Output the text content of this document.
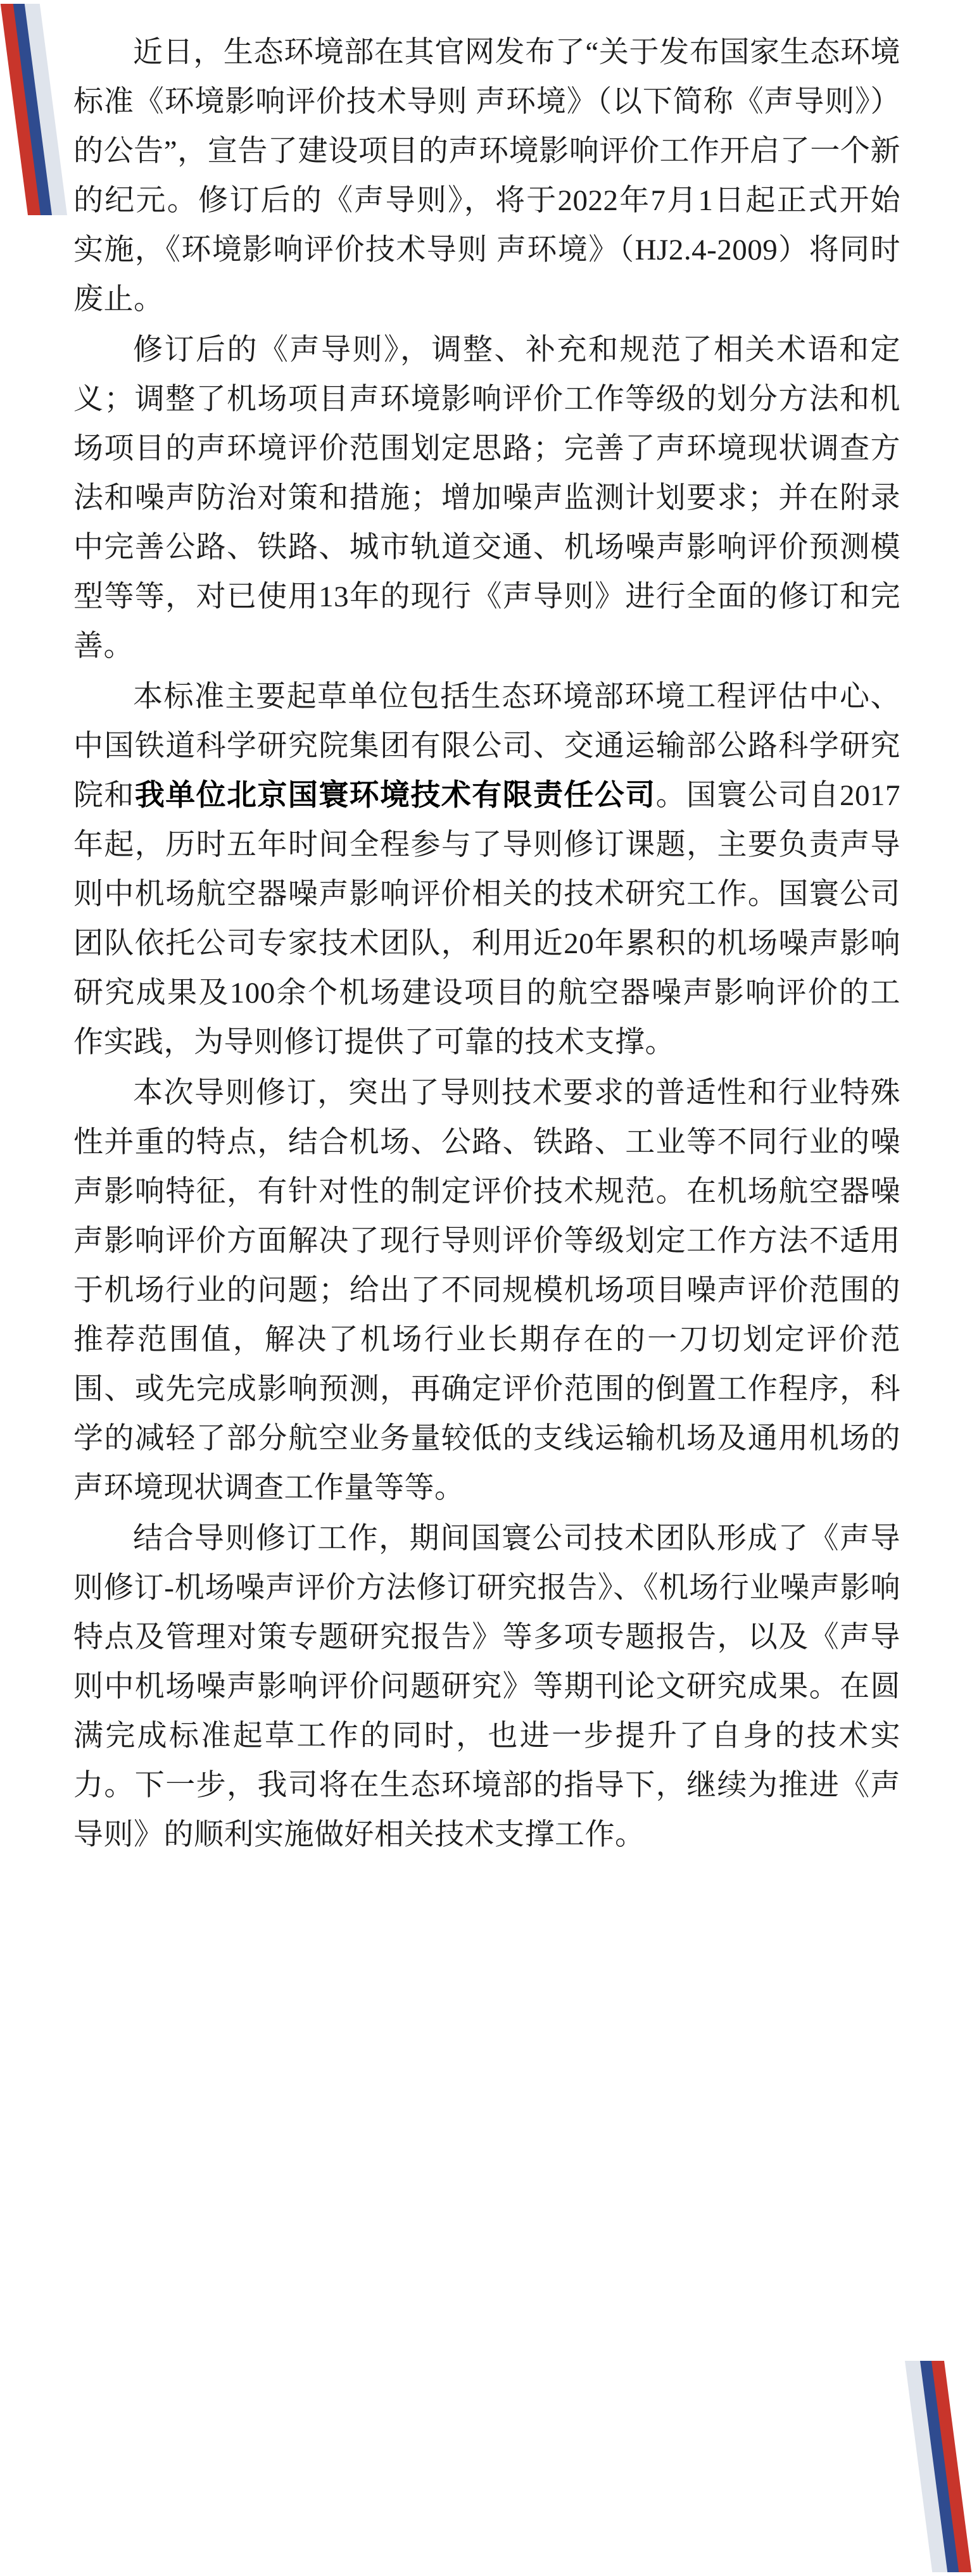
近日，生态环境部在其官网发布了“关于发布国家生态环境标准《环境影响评价技术导则 声环境》（以下简称《声导则》）的公告”，宣告了建设项目的声环境影响评价工作开启了一个新的纪元。修订后的《声导则》，将于2022年7月1日起正式开始实施，《环境影响评价技术导则 声环境》（HJ2.4-2009）将同时废止。

修订后的《声导则》，调整、补充和规范了相关术语和定义；调整了机场项目声环境影响评价工作等级的划分方法和机场项目的声环境评价范围划定思路；完善了声环境现状调查方法和噪声防治对策和措施；增加噪声监测计划要求；并在附录中完善公路、铁路、城市轨道交通、机场噪声影响评价预测模型等等，对已使用13年的现行《声导则》进行全面的修订和完善。

本标准主要起草单位包括生态环境部环境工程评估中心、中国铁道科学研究院集团有限公司、交通运输部公路科学研究院和我单位北京国寰环境技术有限责任公司。国寰公司自2017年起，历时五年时间全程参与了导则修订课题，主要负责声导则中机场航空器噪声影响评价相关的技术研究工作。国寰公司团队依托公司专家技术团队，利用近20年累积的机场噪声影响研究成果及100余个机场建设项目的航空器噪声影响评价的工作实践，为导则修订提供了可靠的技术支撑。

本次导则修订，突出了导则技术要求的普适性和行业特殊性并重的特点，结合机场、公路、铁路、工业等不同行业的噪声影响特征，有针对性的制定评价技术规范。在机场航空器噪声影响评价方面解决了现行导则评价等级划定工作方法不适用于机场行业的问题；给出了不同规模机场项目噪声评价范围的推荐范围值，解决了机场行业长期存在的一刀切划定评价范围、或先完成影响预测，再确定评价范围的倒置工作程序，科学的减轻了部分航空业务量较低的支线运输机场及通用机场的声环境现状调查工作量等等。

结合导则修订工作，期间国寰公司技术团队形成了《声导则修订-机场噪声评价方法修订研究报告》、《机场行业噪声影响特点及管理对策专题研究报告》等多项专题报告，以及《声导则中机场噪声影响评价问题研究》等期刊论文研究成果。在圆满完成标准起草工作的同时，也进一步提升了自身的技术实力。下一步，我司将在生态环境部的指导下，继续为推进《声导则》的顺利实施做好相关技术支撑工作。
